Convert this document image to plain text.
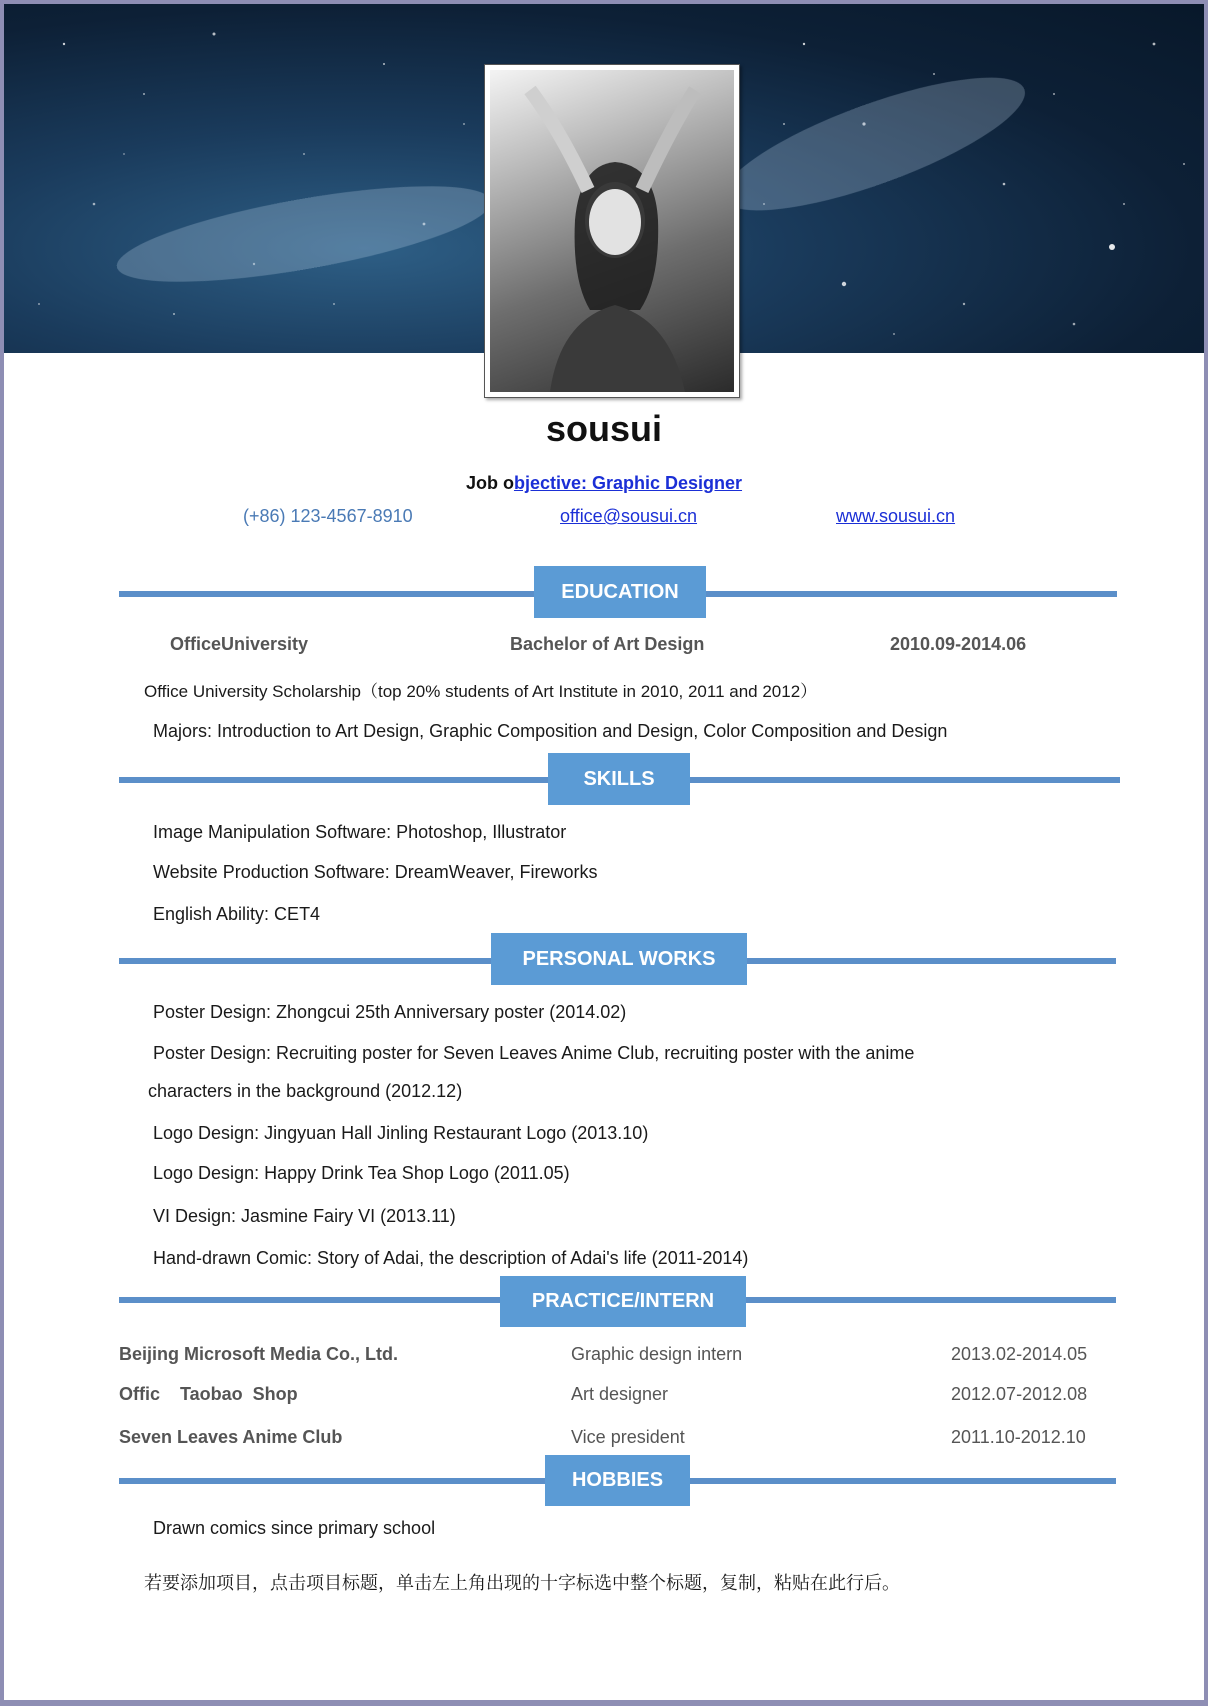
sousui
Job objective: Graphic Designer
(+86) 123-4567-8910	office@sousui.cn	www.sousui.cn
EDUCATION
OfficeUniversity	Bachelor of Art Design	2010.09-2014.06
Office University Scholarship（top 20% students of Art Institute in 2010, 2011 and 2012）
Majors: Introduction to Art Design, Graphic Composition and Design, Color Composition and Design
SKILLS
Image Manipulation Software: Photoshop, Illustrator
Website Production Software: DreamWeaver, Fireworks
English Ability: CET4
PERSONAL WORKS
Poster Design: Zhongcui 25th Anniversary poster (2014.02)
Poster Design: Recruiting poster for Seven Leaves Anime Club, recruiting poster with the anime
characters in the background (2012.12)
Logo Design: Jingyuan Hall Jinling Restaurant Logo (2013.10)
Logo Design: Happy Drink Tea Shop Logo (2011.05)
VI Design: Jasmine Fairy VI (2013.11)
Hand-drawn Comic: Story of Adai, the description of Adai's life (2011-2014)
PRACTICE/INTERN
Beijing Microsoft Media Co., Ltd.	Graphic design intern	2013.02-2014.05
Offic    Taobao  Shop	Art designer	2012.07-2012.08
Seven Leaves Anime Club	Vice president	2011.10-2012.10
HOBBIES
Drawn comics since primary school
若要添加项目，点击项目标题，单击左上角出现的十字标选中整个标题，复制，粘贴在此行后。
